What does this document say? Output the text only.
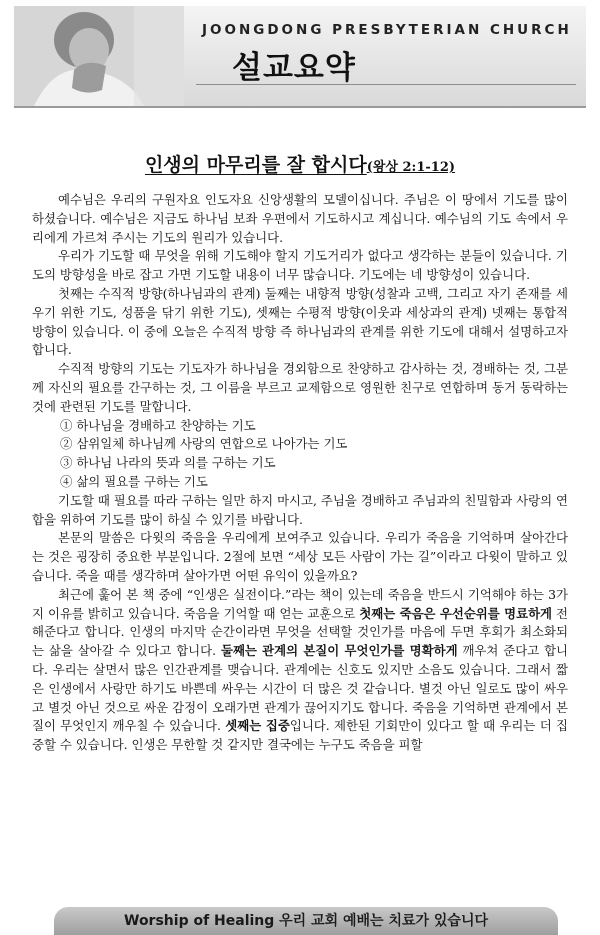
JOONGDONG PRESBYTERIAN CHURCH
설교요약
인생의 마무리를 잘 합시다(왕상 2:1-12)

예수님은 우리의 구원자요 인도자요 신앙생활의 모델이십니다. 주님은 이 땅에서 기도를 많이 하셨습니다. 예수님은 지금도 하나님 보좌 우편에서 기도하시고 계십니다. 예수님의 기도 속에서 우리에게 가르쳐 주시는 기도의 원리가 있습니다.

우리가 기도할 때 무엇을 위해 기도해야 할지 기도거리가 없다고 생각하는 분들이 있습니다. 기도의 방향성을 바로 잡고 가면 기도할 내용이 너무 많습니다. 기도에는 네 방향성이 있습니다.

첫째는 수직적 방향(하나님과의 관계) 둘째는 내향적 방향(성찰과 고백, 그리고 자기 존재를 세우기 위한 기도, 성품을 닦기 위한 기도), 셋째는 수평적 방향(이웃과 세상과의 관계) 넷째는 통합적 방향이 있습니다. 이 중에 오늘은 수직적 방향 즉 하나님과의 관계를 위한 기도에 대해서 설명하고자 합니다.

수직적 방향의 기도는 기도자가 하나님을 경외함으로 찬양하고 감사하는 것, 경배하는 것, 그분께 자신의 필요를 간구하는 것, 그 이름을 부르고 교제함으로 영원한 친구로 연합하며 동거 동락하는 것에 관련된 기도를 말합니다.

① 하나님을 경배하고 찬양하는 기도

② 삼위일체 하나님께 사랑의 연합으로 나아가는 기도

③ 하나님 나라의 뜻과 의를 구하는 기도

④ 삶의 필요를 구하는 기도

기도할 때 필요를 따라 구하는 일만 하지 마시고, 주님을 경배하고 주님과의 친밀함과 사랑의 연합을 위하여 기도를 많이 하실 수 있기를 바랍니다.

본문의 말씀은 다윗의 죽음을 우리에게 보여주고 있습니다. 우리가 죽음을 기억하며 살아간다는 것은 굉장히 중요한 부분입니다. 2절에 보면 “세상 모든 사람이 가는 길”이라고 다윗이 말하고 있습니다. 죽을 때를 생각하며 살아가면 어떤 유익이 있을까요?

최근에 훑어 본 책 중에 “인생은 실전이다.”라는 책이 있는데 죽음을 반드시 기억해야 하는 3가지 이유를 밝히고 있습니다. 죽음을 기억할 때 얻는 교훈으로 첫째는 죽음은 우선순위를 명료하게 전해준다고 합니다. 인생의 마지막 순간이라면 무엇을 선택할 것인가를 마음에 두면 후회가 최소화되는 삶을 살아갈 수 있다고 합니다. 둘째는 관계의 본질이 무엇인가를 명확하게 깨우쳐 준다고 합니다. 우리는 살면서 많은 인간관계를 맺습니다. 관계에는 신호도 있지만 소음도 있습니다. 그래서 짧은 인생에서 사랑만 하기도 바쁜데 싸우는 시간이 더 많은 것 같습니다. 별것 아닌 일로도 많이 싸우고 별것 아닌 것으로 싸운 감정이 오래가면 관계가 끊어지기도 합니다. 죽음을 기억하면 관계에서 본질이 무엇인지 깨우칠 수 있습니다. 셋째는 집중입니다. 제한된 기회만이 있다고 할 때 우리는 더 집중할 수 있습니다. 인생은 무한할 것 같지만 결국에는 누구도 죽음을 피할

Worship of Healing 우리 교회 예배는 치료가 있습니다
